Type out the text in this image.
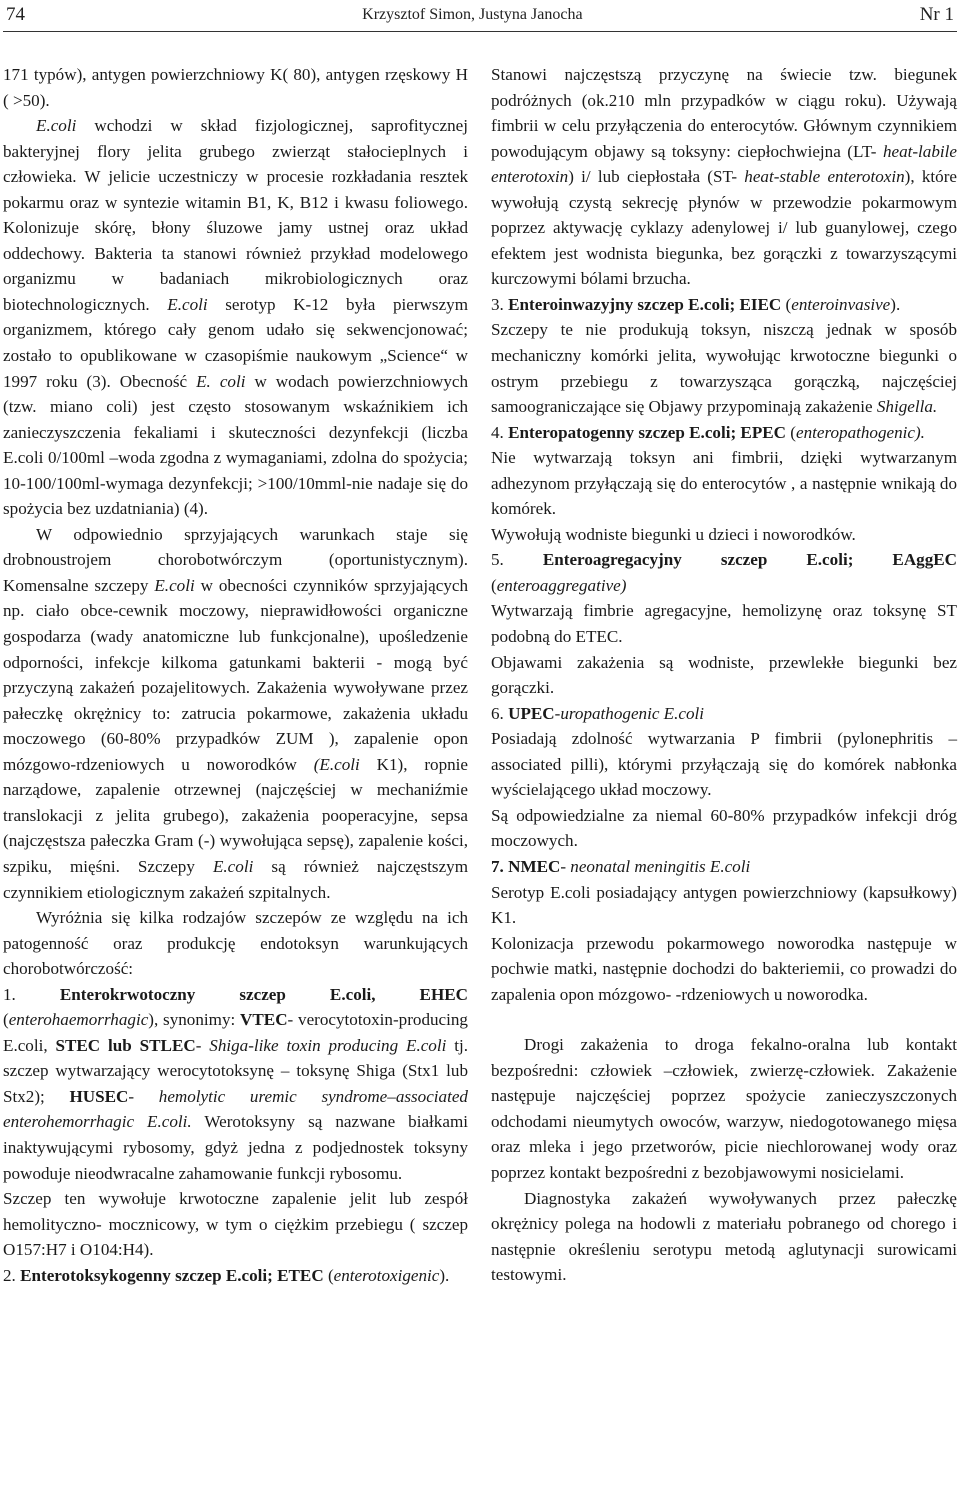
74	Krzysztof Simon, Justyna Janocha	Nr 1

171 typów), antygen powierzchniowy K( 80), antygen rzęskowy H ( >50).

E.coli wchodzi w skład fizjologicznej, saprofitycznej bakteryjnej flory jelita grubego zwierząt stałocieplnych i człowieka. W jelicie uczestniczy w procesie rozkładania resztek pokarmu oraz w syntezie witamin B1, K, B12 i kwasu foliowego. Kolonizuje skórę, błony śluzowe jamy ustnej oraz układ oddechowy. Bakteria ta stanowi również przykład modelowego organizmu w badaniach mikrobiologicznych oraz biotechnologicznych. E.coli serotyp K-12 była pierwszym organizmem, którego cały genom udało się sekwencjonować; zostało to opublikowane w czasopiśmie naukowym „Science“ w 1997 roku (3). Obecność E. coli w wodach powierzchniowych (tzw. miano coli) jest często stosowanym wskaźnikiem ich zanieczyszczenia fekaliami i skuteczności dezynfekcji (liczba E.coli 0/100ml –woda zgodna z wymaganiami, zdolna do spożycia; 10-100/100ml-wymaga dezynfekcji; >100/10mml-nie nadaje się do spożycia bez uzdatniania) (4).

W odpowiednio sprzyjających warunkach staje się drobnoustrojem chorobotwórczym (oportunistycznym). Komensalne szczepy E.coli w obecności czynników sprzyjających np. ciało obce-cewnik moczowy, nieprawidłowości organiczne gospodarza (wady anatomiczne lub funkcjonalne), upośledzenie odporności, infekcje kilkoma gatunkami bakterii - mogą być przyczyną zakażeń pozajelitowych. Zakażenia wywoływane przez pałeczkę okrężnicy to: zatrucia pokarmowe, zakażenia układu moczowego (60-80% przypadków ZUM ), zapalenie opon mózgowo-rdzeniowych u noworodków (E.coli K1), ropnie narządowe, zapalenie otrzewnej (najczęściej w mechaniźmie translokacji z jelita grubego), zakażenia pooperacyjne, sepsa (najczęstsza pałeczka Gram (-) wywołująca sepsę), zapalenie kości, szpiku, mięśni. Szczepy E.coli są również najczęstszym czynnikiem etiologicznym zakażeń szpitalnych.

Wyróżnia się kilka rodzajów szczepów ze względu na ich patogenność oraz produkcję endotoksyn warunkujących chorobotwórczość:

1. Enterokrwotoczny szczep E.coli, EHEC (enterohaemorrhagic), synonimy: VTEC- verocytotoxin-producing E.coli, STEC lub STLEC- Shiga-like toxin producing E.coli tj. szczep wytwarzający werocytotoksynę – toksynę Shiga (Stx1 lub Stx2); HUSEC- hemolytic uremic syndrome–associated enterohemorrhagic E.coli. Werotoksyny są nazwane białkami inaktywującymi rybosomy, gdyż jedna z podjednostek toksyny powoduje nieodwracalne zahamowanie funkcji rybosomu.

Szczep ten wywołuje krwotoczne zapalenie jelit lub zespół hemolityczno- mocznicowy, w tym o ciężkim przebiegu ( szczep O157:H7 i O104:H4).

2. Enterotoksykogenny szczep E.coli; ETEC (enterotoxigenic).

Stanowi najczęstszą przyczynę na świecie tzw. biegunek podróżnych (ok.210 mln przypadków w ciągu roku). Używają fimbrii w celu przyłączenia do enterocytów. Głównym czynnikiem powodującym objawy są toksyny: ciepłochwiejna (LT- heat-labile enterotoxin) i/ lub ciepłostała (ST- heat-stable enterotoxin), które wywołują czystą sekrecję płynów w przewodzie pokarmowym poprzez aktywację cyklazy adenylowej i/ lub guanylowej, czego efektem jest wodnista biegunka, bez gorączki z towarzyszącymi kurczowymi bólami brzucha.

3. Enteroinwazyjny szczep E.coli; EIEC (enteroinvasive).

Szczepy te nie produkują toksyn, niszczą jednak w sposób mechaniczny komórki jelita, wywołując krwotoczne biegunki o ostrym przebiegu z towarzysząca gorączką, najczęściej samoograniczające się Objawy przypominają zakażenie Shigella.

4. Enteropatogenny szczep E.coli; EPEC (enteropathogenic).

Nie wytwarzają toksyn ani fimbrii, dzięki wytwarzanym adhezynom przyłączają się do enterocytów , a następnie wnikają do komórek.

Wywołują wodniste biegunki u dzieci i noworodków.

5. Enteroagregacyjny szczep E.coli; EAggEC (enteroaggregative)

Wytwarzają fimbrie agregacyjne, hemolizynę oraz toksynę ST podobną do ETEC.

Objawami zakażenia są wodniste, przewlekłe biegunki bez gorączki.

6. UPEC-uropathogenic E.coli

Posiadają zdolność wytwarzania P fimbrii (pylonephritis –associated pilli), którymi przyłączają się do komórek nabłonka wyścielającego układ moczowy.

Są odpowiedzialne za niemal 60-80% przypadków infekcji dróg moczowych.

7. NMEC- neonatal meningitis E.coli

Serotyp E.coli posiadający antygen powierzchniowy (kapsułkowy) K1.

Kolonizacja przewodu pokarmowego noworodka następuje w pochwie matki, następnie dochodzi do bakteriemii, co prowadzi do zapalenia opon mózgowo- -rdzeniowych u noworodka.

Drogi zakażenia to droga fekalno-oralna lub kontakt bezpośredni: człowiek –człowiek, zwierzę-człowiek. Zakażenie następuje najczęściej poprzez spożycie zanieczyszczonych odchodami nieumytych owoców, warzyw, niedogotowanego mięsa oraz mleka i jego przetworów, picie niechlorowanej wody oraz poprzez kontakt bezpośredni z bezobjawowymi nosicielami.

Diagnostyka zakażeń wywoływanych przez pałeczkę okrężnicy polega na hodowli z materiału pobranego od chorego i następnie określeniu serotypu metodą aglutynacji surowicami testowymi.
